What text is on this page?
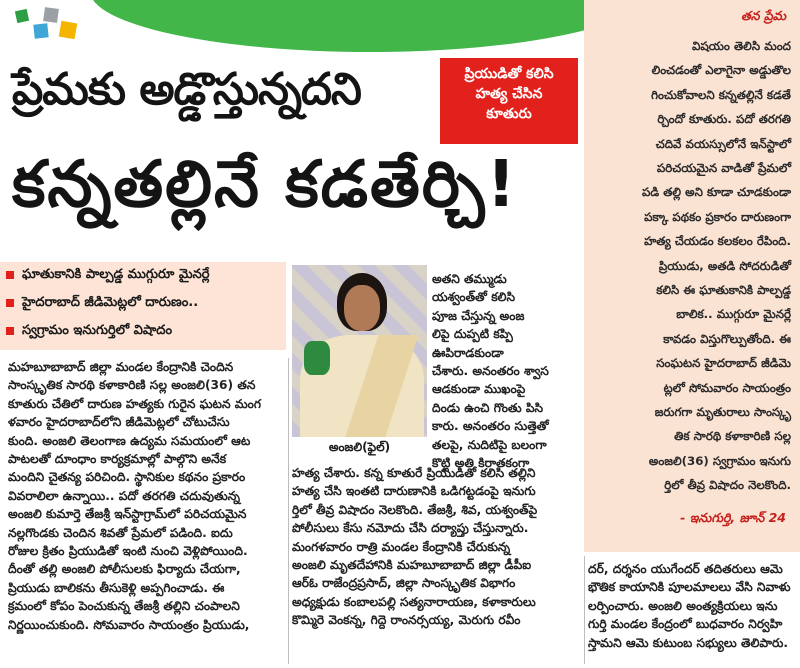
ప్రేమకు అడ్డొస్తున్నదని
కన్నతల్లినే కడతేర్చి!
ప్రియుడితో కలిసి
హత్య చేసిన
కూతురు
తన ప్రేమ
విషయం తెలిసి మంద
లించడంతో ఎలాగైనా అడ్డుతొల
గించుకోవాలని కన్నతల్లినే కడతే
ర్చిందో కూతురు. పదో తరగతి
చదివే వయస్సులోనే ఇన్‌స్టాలో
పరిచయమైన వాడితో ప్రేమలో
పడి తల్లి అని కూడా చూడకుండా
పక్కా పథకం ప్రకారం దారుణంగా
హత్య చేయడం కలకలం రేపింది.
ప్రియుడు, అతడి సోదరుడితో
కలిసి ఈ ఘాతుకానికి పాల్పడ్డ
బాలిక.. ముగ్గురూ మైనర్లే
కావడం విస్తుగొల్పుతోంది. ఈ
సంఘటన హైదరాబాద్ జీడిమె
ట్లలో సోమవారం సాయంత్రం
జరుగగా మృతురాలు సాంస్కృ
తిక సారథి కళాకారిణి సల్ల
అంజలి(36) స్వగ్రామం ఇనుగు
ర్తిలో తీవ్ర విషాదం నెలకొంది.
- ఇనుగుర్తి, జూన్ 24
ఘాతుకానికి పాల్పడ్డ ముగ్గురూ మైనర్లే
హైదరాబాద్ జీడిమెట్లలో దారుణం..
స్వగ్రామం ఇనుగుర్తిలో విషాదం
అంజలి(ఫైల్)
మహబూబాబాద్ జిల్లా మండల కేంద్రానికి చెందిన
సాంస్కృతిక సారథి కళాకారిణి సల్ల అంజలి(36) తన
కూతురు చేతిలో దారుణ హత్యకు గురైన ఘటన మంగ
ళవారం హైదరాబాద్‌లోని జీడిమెట్లలో చోటుచేసు
కుంది. అంజలి తెలంగాణ ఉద్యమ సమయంలో ఆట
పాటలతో దూంధాం కార్యక్రమాల్లో పాల్గొని అనేక
మందిని చైతన్య పరిచింది. స్థానికుల కథనం ప్రకారం
వివరాలిలా ఉన్నాయి.. పదో తరగతి చదువుతున్న
అంజలి కుమార్తె తేజశ్రీ ఇన్‌స్టాగ్రామ్‌లో పరిచయమైన
నల్లగొండకు చెందిన శివతో ప్రేమలో పడింది. ఐదు
రోజుల క్రితం ప్రియుడితో ఇంటి నుంచి వెళ్లిపోయింది.
దీంతో తల్లి అంజలి పోలీసులకు ఫిర్యాదు చేయగా,
ప్రియుడు బాలికను తీసుకెళ్లి అప్పగించాడు. ఈ
క్రమంలో కోపం పెంచుకున్న తేజశ్రీ తల్లిని చంపాలని
నిర్ణయించుకుంది. సోమవారం సాయంత్రం ప్రియుడు,
అతని తమ్ముడు
యశ్వంత్‌తో కలిసి
పూజ చేస్తున్న అంజ
లిపై దుప్పటి కప్పి
ఊపిరాడకుండా
చేశారు. అనంతరం శ్వాస
ఆడకుండా ముఖంపై
దిండు ఉంచి గొంతు పిసి
కారు. అనంతరం సుత్తెతో
తలపై, నుదిటిపై బలంగా
కొట్టి అతి కిరాతకంగా
హత్య చేశారు. కన్న కూతురే ప్రియుడితో కలిసి తల్లిని
హత్య చేసి ఇంతటి దారుణానికి ఒడిగట్టడంపై ఇనుగు
ర్తిలో తీవ్ర విషాదం నెలకొంది. తేజశ్రీ, శివ, యశ్వంత్‌పై
పోలీసులు కేసు నమోదు చేసి దర్యాప్తు చేస్తున్నారు.
మంగళవారం రాత్రి మండల కేంద్రానికి చేరుకున్న
అంజలి మృతదేహానికి మహబూబాబాద్ జిల్లా డీపీఐ
ఆర్‌ఓ రాజేంద్రప్రసాద్, జిల్లా సాంస్కృతిక విభాగం
అధ్యక్షుడు కంబాలపల్లి సత్యనారాయణ, కళాకారులు
కొమ్మిరె వెంకన్న, గిద్దె రాంనర్సయ్య, మెరుగు రవీం
దర్, దర్శనం యుగేందర్ తదితరులు ఆమె
భౌతిక కాయానికి పూలమాలలు వేసి నివాళు
లర్పించారు. అంజలి అంత్యక్రియలు ఇను
గుర్తి మండల కేంద్రంలో బుధవారం నిర్వహి
స్తామని ఆమె కుటుంబ సభ్యులు తెలిపారు.
